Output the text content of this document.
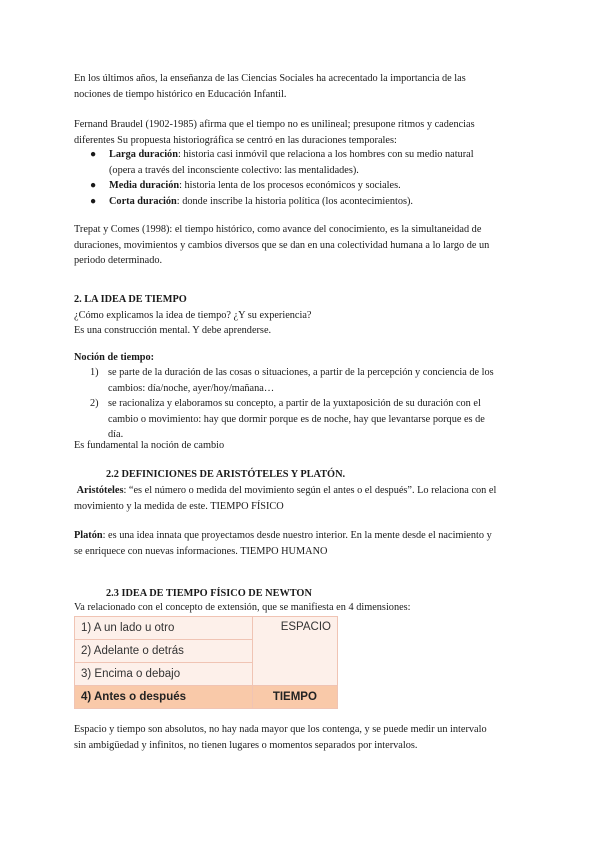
En los últimos años, la enseñanza de las Ciencias Sociales ha acrecentado la importancia de las
nociones de tiempo histórico en Educación Infantil.
Fernand Braudel (1902-1985) afirma que el tiempo no es unilineal; presupone ritmos y cadencias
diferentes Su propuesta historiográfica se centró en las duraciones temporales:
● Larga duración: historia casi inmóvil que relaciona a los hombres con su medio natural
(opera a través del inconsciente colectivo: las mentalidades).
● Media duración: historia lenta de los procesos económicos y sociales.
● Corta duración: donde inscribe la historia política (los acontecimientos).
Trepat y Comes (1998): el tiempo histórico, como avance del conocimiento, es la simultaneidad de
duraciones, movimientos y cambios diversos que se dan en una colectividad humana a lo largo de un
periodo determinado.
2. LA IDEA DE TIEMPO
¿Cómo explicamos la idea de tiempo? ¿Y su experiencia?
Es una construcción mental. Y debe aprenderse.
Noción de tiempo:
1) se parte de la duración de las cosas o situaciones, a partir de la percepción y conciencia de los
cambios: día/noche, ayer/hoy/mañana…
2) se racionaliza y elaboramos su concepto, a partir de la yuxtaposición de su duración con el
cambio o movimiento: hay que dormir porque es de noche, hay que levantarse porque es de
día.
Es fundamental la noción de cambio
2.2 DEFINICIONES DE ARISTÓTELES Y PLATÓN.
Aristóteles: “es el número o medida del movimiento según el antes o el después”. Lo relaciona con el
movimiento y la medida de este. TIEMPO FÍSICO
Platón: es una idea innata que proyectamos desde nuestro interior. En la mente desde el nacimiento y
se enriquece con nuevas informaciones. TIEMPO HUMANO
2.3 IDEA DE TIEMPO FÍSICO DE NEWTON
Va relacionado con el concepto de extensión, que se manifiesta en 4 dimensiones:
1) A un lado u otro	ESPACIO
2) Adelante o detrás	
3) Encima o debajo	
4) Antes o después	TIEMPO
Espacio y tiempo son absolutos, no hay nada mayor que los contenga, y se puede medir un intervalo
sin ambigüedad y infinitos, no tienen lugares o momentos separados por intervalos.
